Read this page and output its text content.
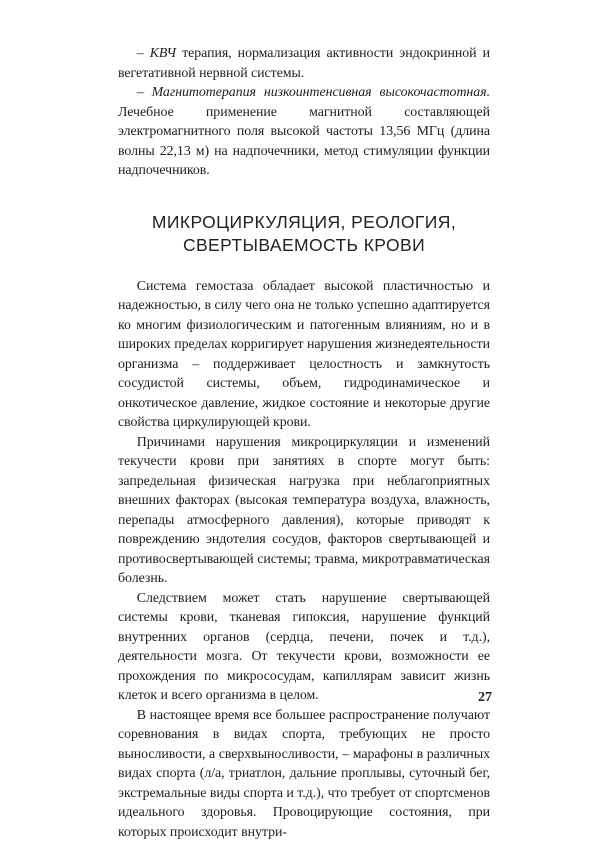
– КВЧ терапия, нормализация активности эндокринной и вегетативной нервной системы.

– Магнитотерапия низкоинтенсивная высокочастотная. Лечебное применение магнитной составляющей электромагнитного поля высокой частоты 13,56 МГц (длина волны 22,13 м) на надпочечники, метод стимуляции функции надпочечников.

МИКРОЦИРКУЛЯЦИЯ, РЕОЛОГИЯ,
СВЕРТЫВАЕМОСТЬ КРОВИ

Система гемостаза обладает высокой пластичностью и надежностью, в силу чего она не только успешно адаптируется ко многим физиологическим и патогенным влияниям, но и в широких пределах корригирует нарушения жизнедеятельности организма – поддерживает целостность и замкнутость сосудистой системы, объем, гидродинамическое и онкотическое давление, жидкое состояние и некоторые другие свойства циркулирующей крови.

Причинами нарушения микроциркуляции и изменений текучести крови при занятиях в спорте могут быть: запредельная физическая нагрузка при неблагоприятных внешних факторах (высокая температура воздуха, влажность, перепады атмосферного давления), которые приводят к повреждению эндотелия сосудов, факторов свертывающей и противосвертывающей системы; травма, микротравматическая болезнь.

Следствием может стать нарушение свертывающей системы крови, тканевая гипоксия, нарушение функций внутренних органов (сердца, печени, почек и т.д.), деятельности мозга. От текучести крови, возможности ее прохождения по микрососудам, капиллярам зависит жизнь клеток и всего организма в целом.

В настоящее время все большее распространение получают соревнования в видах спорта, требующих не просто выносливости, а сверхвыносливости, – марафоны в различных видах спорта (л/а, триатлон, дальние проплывы, суточный бег, экстремальные виды спорта и т.д.), что требует от спортсменов идеального здоровья. Провоцирующие состояния, при которых происходит внутри-

27
